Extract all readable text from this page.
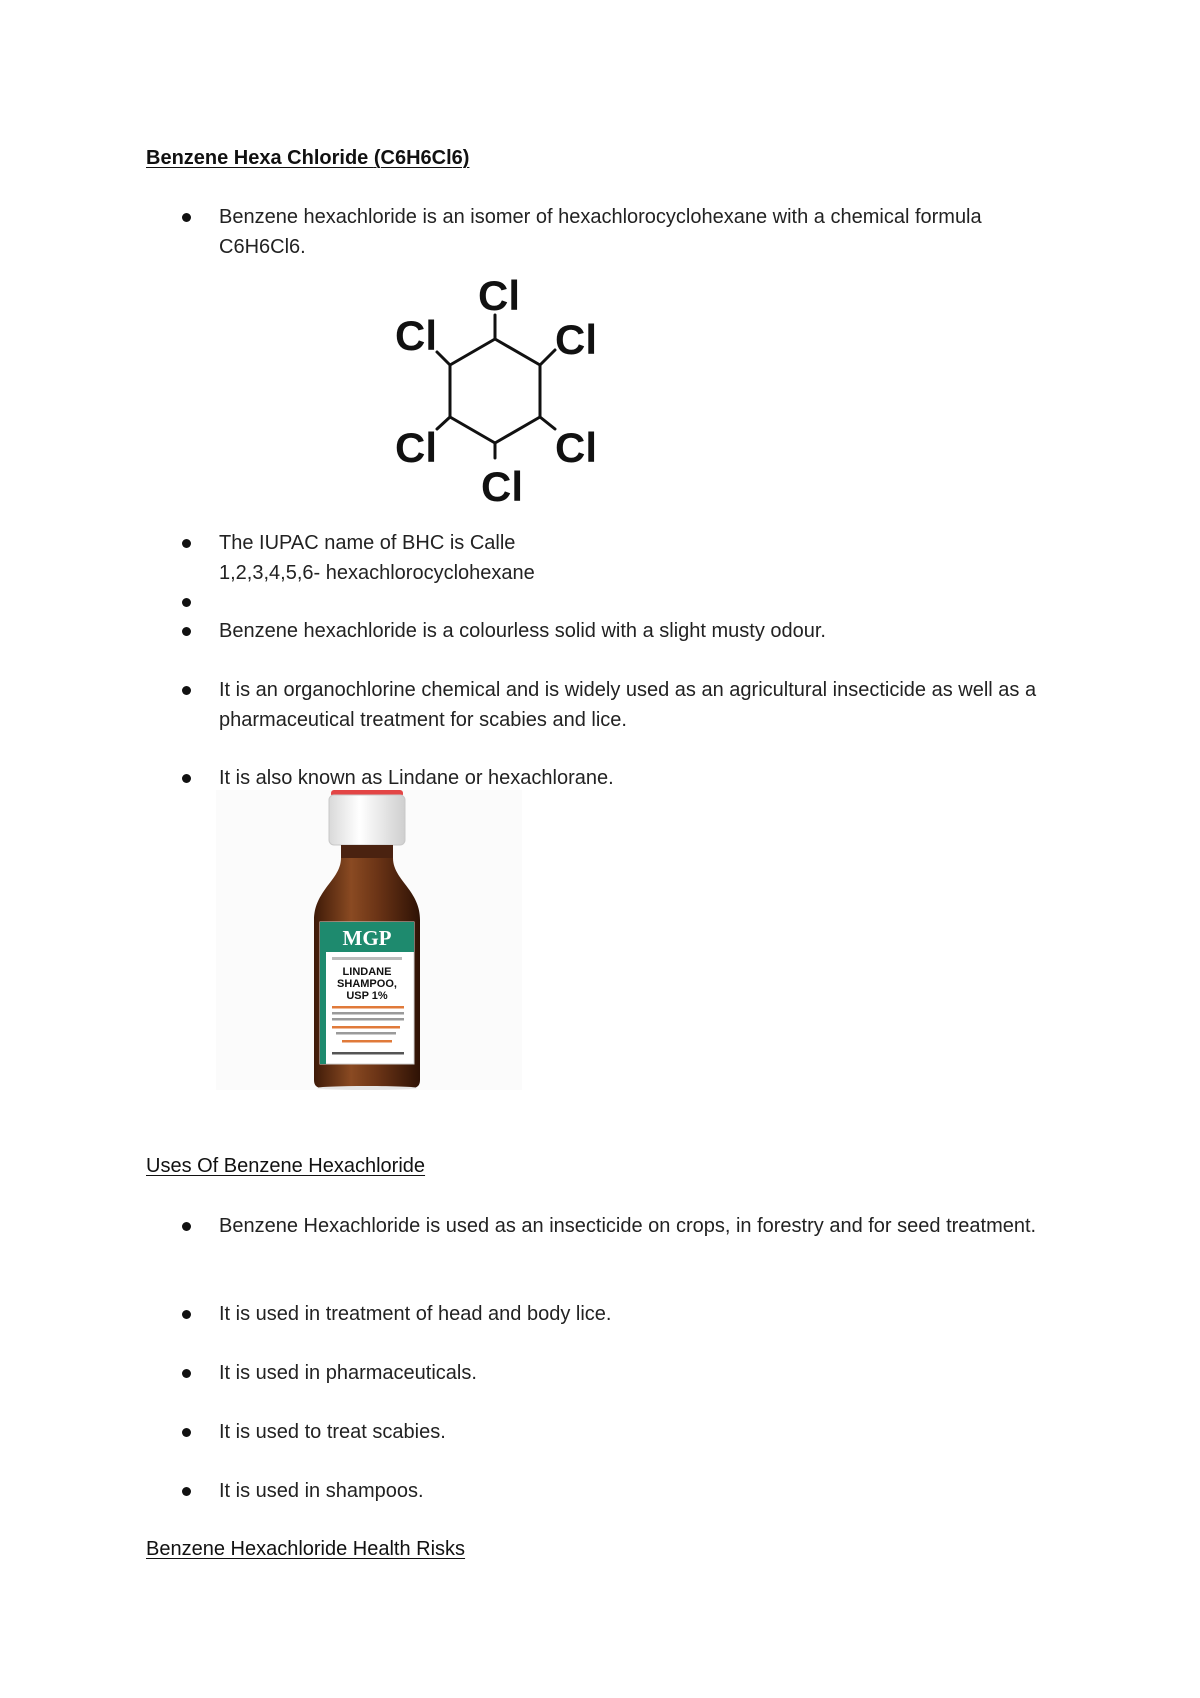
Benzene Hexa Chloride (C6H6Cl6)
Benzene hexachloride is an isomer of hexachlorocyclohexane with a chemical formula C6H6Cl6.
Cl
Cl
Cl
Cl
Cl
Cl
The IUPAC name of BHC is Calle
1,2,3,4,5,6- hexachlorocyclohexane
Benzene hexachloride is a colourless solid with a slight musty odour.
It is an organochlorine chemical and is widely used as an agricultural insecticide as well as a pharmaceutical treatment for scabies and lice.
It is also known as Lindane or hexachlorane.
MGP
LINDANE
SHAMPOO,
USP 1%
Uses Of Benzene Hexachloride
Benzene Hexachloride is used as an insecticide on crops, in forestry and for seed treatment.
It is used in treatment of head and body lice.
It is used in pharmaceuticals.
It is used to treat scabies.
It is used in shampoos.
Benzene Hexachloride Health Risks
